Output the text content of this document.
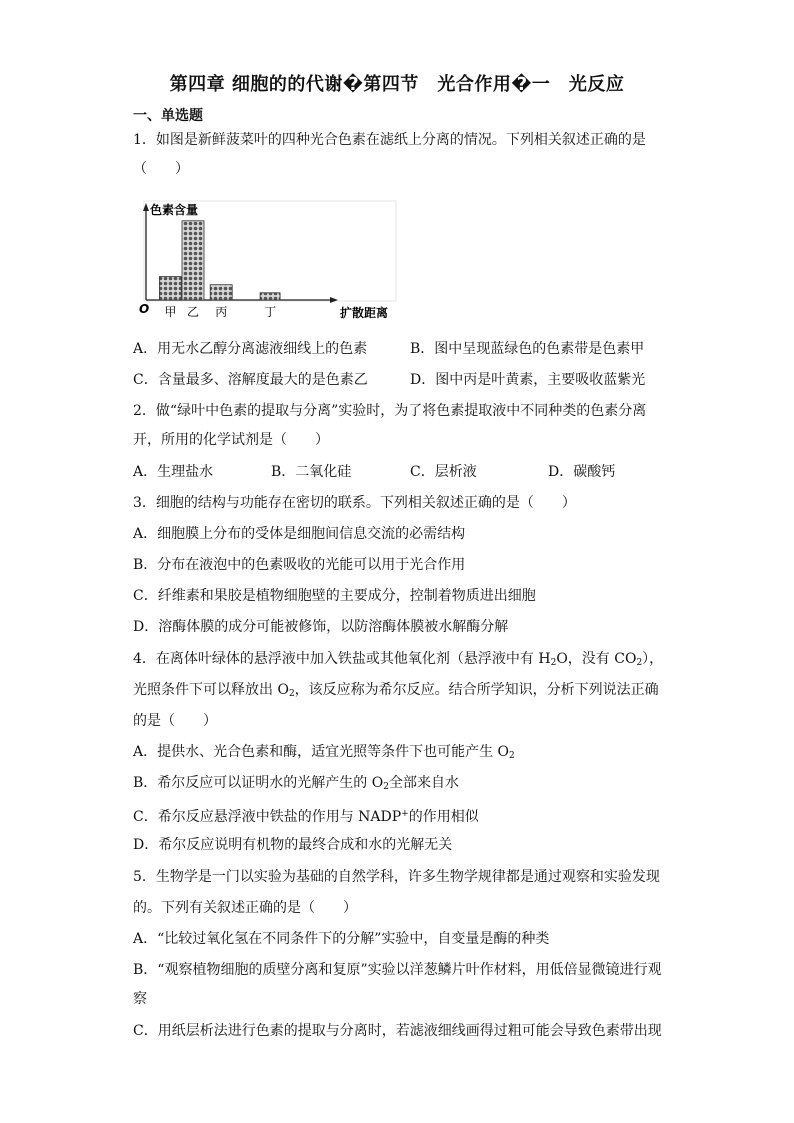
第四章 细胞的的代谢�第四节　光合作用�一　光反应
一、单选题
1．如图是新鲜菠菜叶的四种光合色素在滤纸上分离的情况。下列相关叙述正确的是
（　　）
色素含量
扩散距离
O 甲 乙 丙	丁
A．用无水乙醇分离滤液细线上的色素	B．图中呈现蓝绿色的色素带是色素甲
C．含量最多、溶解度最大的是色素乙	D．图中丙是叶黄素，主要吸收蓝紫光
2．做“绿叶中色素的提取与分离”实验时，为了将色素提取液中不同种类的色素分离
开，所用的化学试剂是（　　）
A．生理盐水	B．二氧化硅	C．层析液	D．碳酸钙
3．细胞的结构与功能存在密切的联系。下列相关叙述正确的是（　　）
A．细胞膜上分布的受体是细胞间信息交流的必需结构
B．分布在液泡中的色素吸收的光能可以用于光合作用
C．纤维素和果胶是植物细胞壁的主要成分，控制着物质进出细胞
D．溶酶体膜的成分可能被修饰，以防溶酶体膜被水解酶分解
4．在离体叶绿体的悬浮液中加入铁盐或其他氧化剂（悬浮液中有 $H_2O$，没有 $CO_2$），
光照条件下可以释放出 $O_2$，该反应称为希尔反应。结合所学知识，分析下列说法正确
的是（　　）
A．提供水、光合色素和酶，适宜光照等条件下也可能产生 $O_2$
B．希尔反应可以证明水的光解产生的 $O_2$全部来自水
C．希尔反应悬浮液中铁盐的作用与 NADP+的作用相似
D．希尔反应说明有机物的最终合成和水的光解无关
5．生物学是一门以实验为基础的自然学科，许多生物学规律都是通过观察和实验发现
的。下列有关叙述正确的是（　　）
A．“比较过氧化氢在不同条件下的分解”实验中，自变量是酶的种类
B．“观察植物细胞的质壁分离和复原”实验以洋葱鳞片叶作材料，用低倍显微镜进行观
察
C．用纸层析法进行色素的提取与分离时，若滤液细线画得过粗可能会导致色素带出现
